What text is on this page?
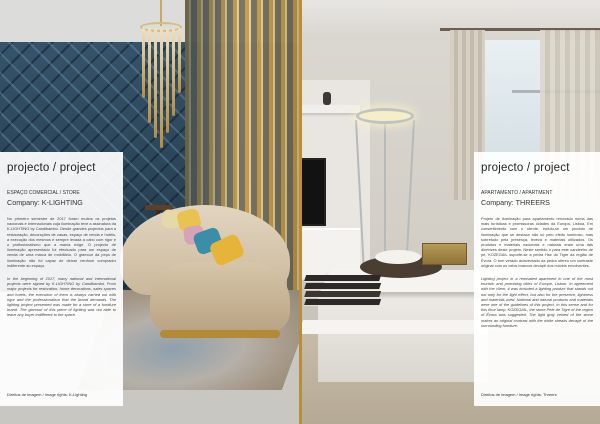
projecto / project
ESPAÇO COMERCIAL / STORE
Company: K-LIGHTING
No primeiro semestre de 2017 foram muitos os projetos nacionais e internacionais cuja iluminação teve a assinatura da K-LIGHTING by Candibambú. Desde grandes projectos para a restauração, decorações de casas, espaço de venda e hotéis, a execução dos mesmos é sempre levada a cabo com rigor e o profissionalismo que a marca exige. O projecto de iluminação apresentado foi efectuado para um espaço de venda de uma marca de mobiliário. O glamour da peça de iluminação não foi capaz de deixar nenhum comprador indiferente ao espaço.
In the beginning of 2017, many national and international projects were signed by K-LIGHTING by Candibambú. From major projects for restoration, home decorations, sales spaces and hotels, the execution of them is always carried out with rigor and the professionalism that the brand demands. The lighting project presented was made for a store of a furniture brand. The glamour of this piece of lighting was not able to leave any buyer indifferent to the space.
Direitos de imagem / Image rights: K-Lighting
projecto / project
APARTAMENTO / APARTMENT
Company: THREERS
Projeto de iluminação para apartamento renovado numa das mais turísticas e promissoras cidades da Europa, Lisboa. Em consentimento com o cliente, incluiu-se um produto de iluminação que se destaca não só pelo efeito luminoso, mas sobretudo pela presença, leveza e materiais utilizados. Os produtos e materiais nacionais e naturais eram uma das diretrizes deste projeto. Neste sentido o para este candeeiro de pé, KOZEGAIL suporte-se a pedra Hse do Tigre da região de Évora. O tom verado acinzentado da pedra ofereu um contraste original com os velos brancos decapê dos móveis envolventes.
Lighting project in a renovated apartment in one of the most touristic and promising cities of Europe, Lisbon. In agreement with the client, it was included a lighting product that stands out not only for the light effect, but also for the presence, lightness and materials used. National and natural products and materials were one of the guidelines of this project. In this sense and for this floor lamp, KOZEGAIL, the stone Pele de Tigre of the region of Évora was suggested. The light gray veined of the stone makes an original contrast with the white streaks decapê of the surrounding furniture.
Direitos de imagem / Image rights: Threers
